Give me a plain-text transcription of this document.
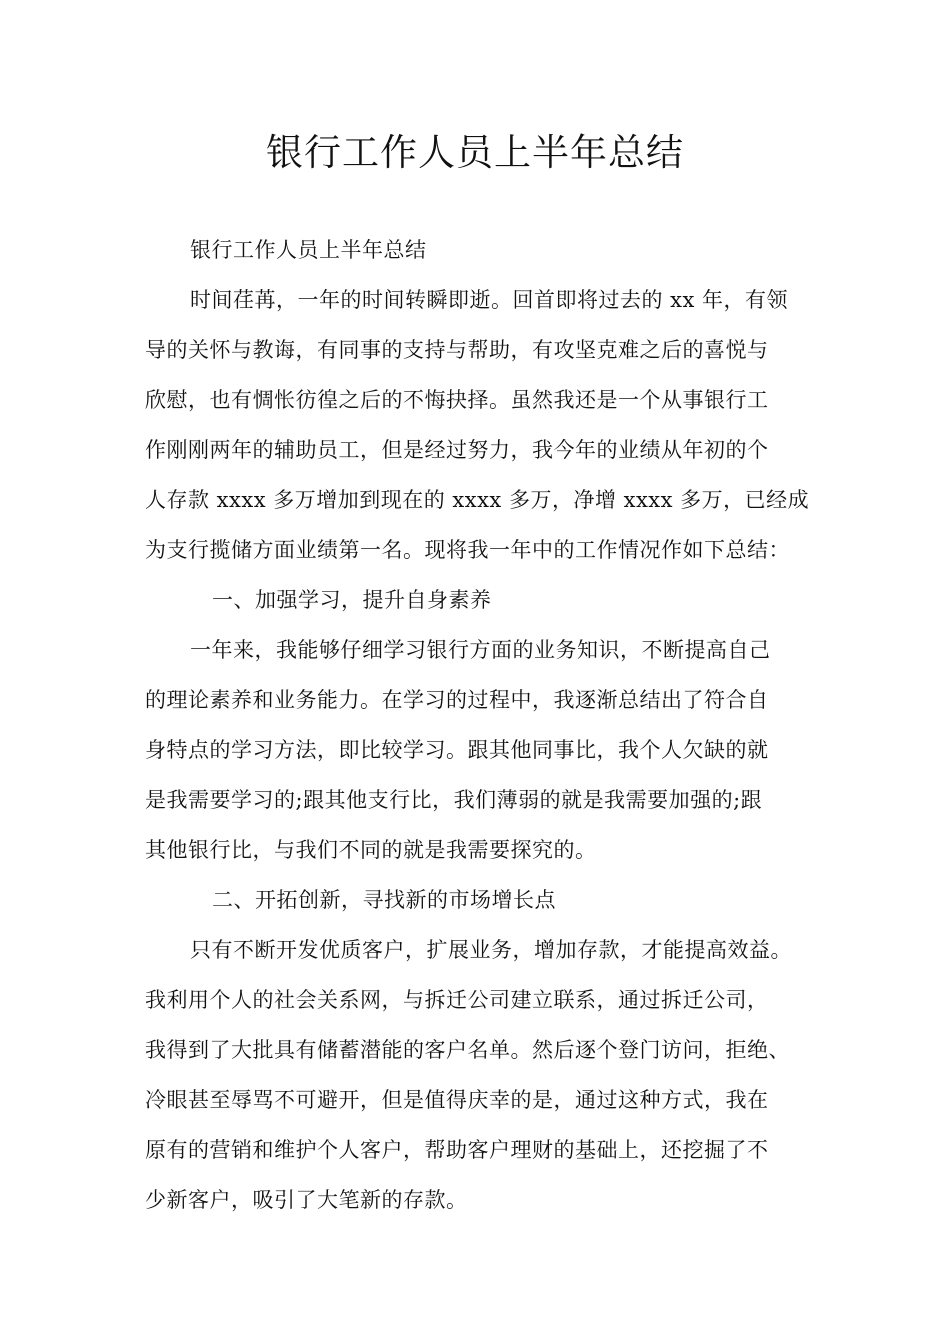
银行工作人员上半年总结
银行工作人员上半年总结
时间荏苒，一年的时间转瞬即逝。回首即将过去的 xx 年，有领
导的关怀与教诲，有同事的支持与帮助，有攻坚克难之后的喜悦与
欣慰，也有惆怅彷徨之后的不悔抉择。虽然我还是一个从事银行工
作刚刚两年的辅助员工，但是经过努力，我今年的业绩从年初的个
人存款 xxxx 多万增加到现在的 xxxx 多万，净增 xxxx 多万，已经成
为支行揽储方面业绩第一名。现将我一年中的工作情况作如下总结：
一、加强学习，提升自身素养
一年来，我能够仔细学习银行方面的业务知识，不断提高自己
的理论素养和业务能力。在学习的过程中，我逐渐总结出了符合自
身特点的学习方法，即比较学习。跟其他同事比，我个人欠缺的就
是我需要学习的;跟其他支行比，我们薄弱的就是我需要加强的;跟
其他银行比，与我们不同的就是我需要探究的。
二、开拓创新，寻找新的市场增长点
只有不断开发优质客户，扩展业务，增加存款，才能提高效益。
我利用个人的社会关系网，与拆迁公司建立联系，通过拆迁公司，
我得到了大批具有储蓄潜能的客户名单。然后逐个登门访问，拒绝、
冷眼甚至辱骂不可避开，但是值得庆幸的是，通过这种方式，我在
原有的营销和维护个人客户，帮助客户理财的基础上，还挖掘了不
少新客户，吸引了大笔新的存款。
